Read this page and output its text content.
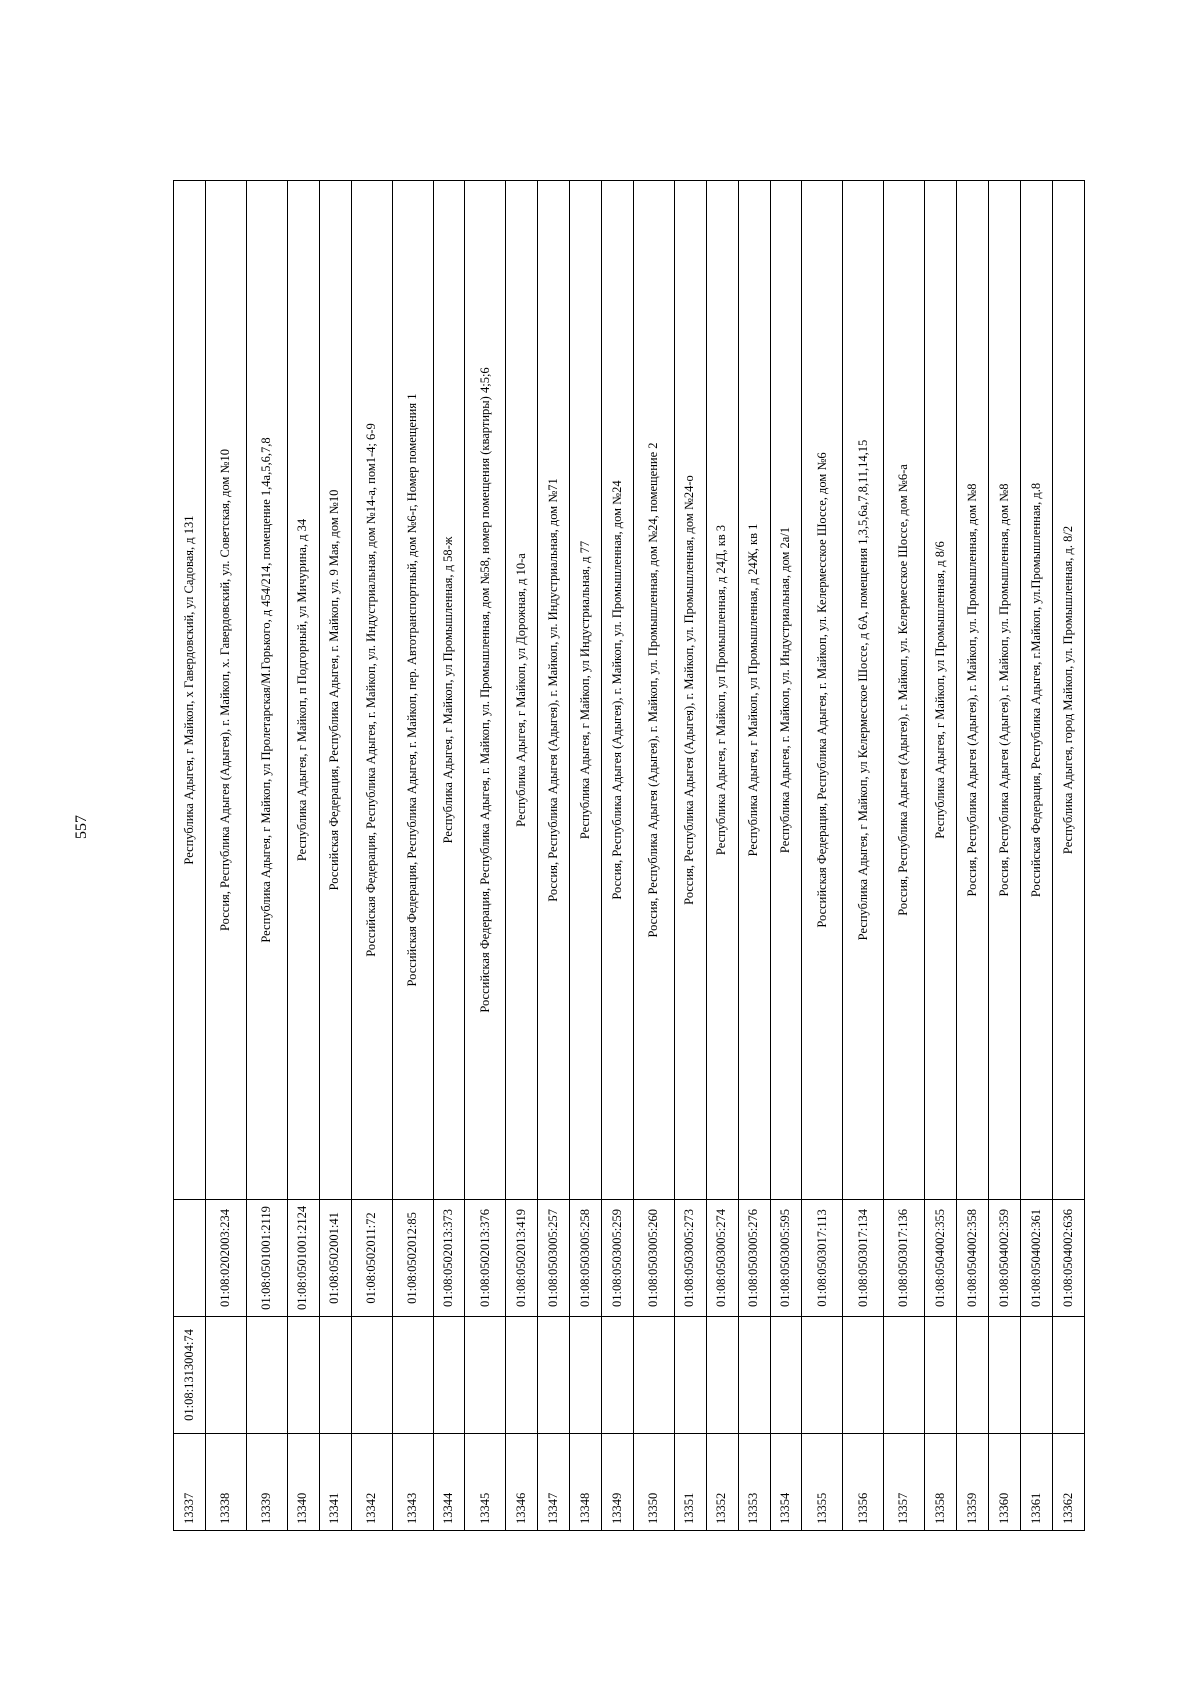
557
13337	01:08:1313004:74		Республика Адыгея, г Майкоп, х Гавердовский, ул Садовая, д 131
13338		01:08:0202003:234	Россия, Республика Адыгея (Адыгея), г. Майкоп, х. Гавердовский, ул. Советская, дом №10
13339		01:08:0501001:2119	Республика Адыгея, г Майкоп, ул Пролетарская/М.Горького, д 454/214, помещение 1,4а,5,6,7,8
13340		01:08:0501001:2124	Республика Адыгея, г Майкоп, п Подгорный, ул Мичурина, д 34
13341		01:08:0502001:41	Российская Федерация, Республика Адыгея, г. Майкоп, ул. 9 Мая, дом №10
13342		01:08:0502011:72	Российская Федерация, Республика Адыгея, г. Майкоп, ул. Индустриальная, дом №14-а, пом1-4; 6-9
13343		01:08:0502012:85	Российская Федерация, Республика Адыгея, г. Майкоп, пер. Автотранспортный, дом №6-г, Номер помещения 1
13344		01:08:0502013:373	Республика Адыгея, г Майкоп, ул Промышленная, д 58-ж
13345		01:08:0502013:376	Российская Федерация, Республика Адыгея, г. Майкоп, ул. Промышленная, дом №58, номер помещения (квартиры) 4;5;6
13346		01:08:0502013:419	Республика Адыгея, г Майкоп, ул Дорожная, д 10-а
13347		01:08:0503005:257	Россия, Республика Адыгея (Адыгея), г. Майкоп, ул. Индустриальная, дом №71
13348		01:08:0503005:258	Республика Адыгея, г Майкоп, ул Индустриальная, д 77
13349		01:08:0503005:259	Россия, Республика Адыгея (Адыгея), г. Майкоп, ул. Промышленная, дом №24
13350		01:08:0503005:260	Россия, Республика Адыгея (Адыгея), г. Майкоп, ул. Промышленная, дом №24, помещение 2
13351		01:08:0503005:273	Россия, Республика Адыгея (Адыгея), г. Майкоп, ул. Промышленная, дом №24-о
13352		01:08:0503005:274	Республика Адыгея, г Майкоп, ул Промышленная, д 24Д, кв 3
13353		01:08:0503005:276	Республика Адыгея, г Майкоп, ул Промышленная, д 24Ж, кв 1
13354		01:08:0503005:595	Республика Адыгея, г. Майкоп, ул. Индустриальная, дом 2а/1
13355		01:08:0503017:113	Российская Федерация, Республика Адыгея, г. Майкоп, ул. Келермесское Шоссе, дом №6
13356		01:08:0503017:134	Республика Адыгея, г Майкоп, ул Келермесское Шоссе, д 6А, помещения 1,3,5,6а,7,8,11,14,15
13357		01:08:0503017:136	Россия, Республика Адыгея (Адыгея), г. Майкоп, ул. Келермесское Шоссе, дом №6-а
13358		01:08:0504002:355	Республика Адыгея, г Майкоп, ул Промышленная, д 8/6
13359		01:08:0504002:358	Россия, Республика Адыгея (Адыгея), г. Майкоп, ул. Промышленная, дом №8
13360		01:08:0504002:359	Россия, Республика Адыгея (Адыгея), г. Майкоп, ул. Промышленная, дом №8
13361		01:08:0504002:361	Российская Федерация, Республика Адыгея, г.Майкоп, ул.Промышленная, д.8
13362		01:08:0504002:636	Республика Адыгея, город Майкоп, ул. Промышленная, д. 8/2
